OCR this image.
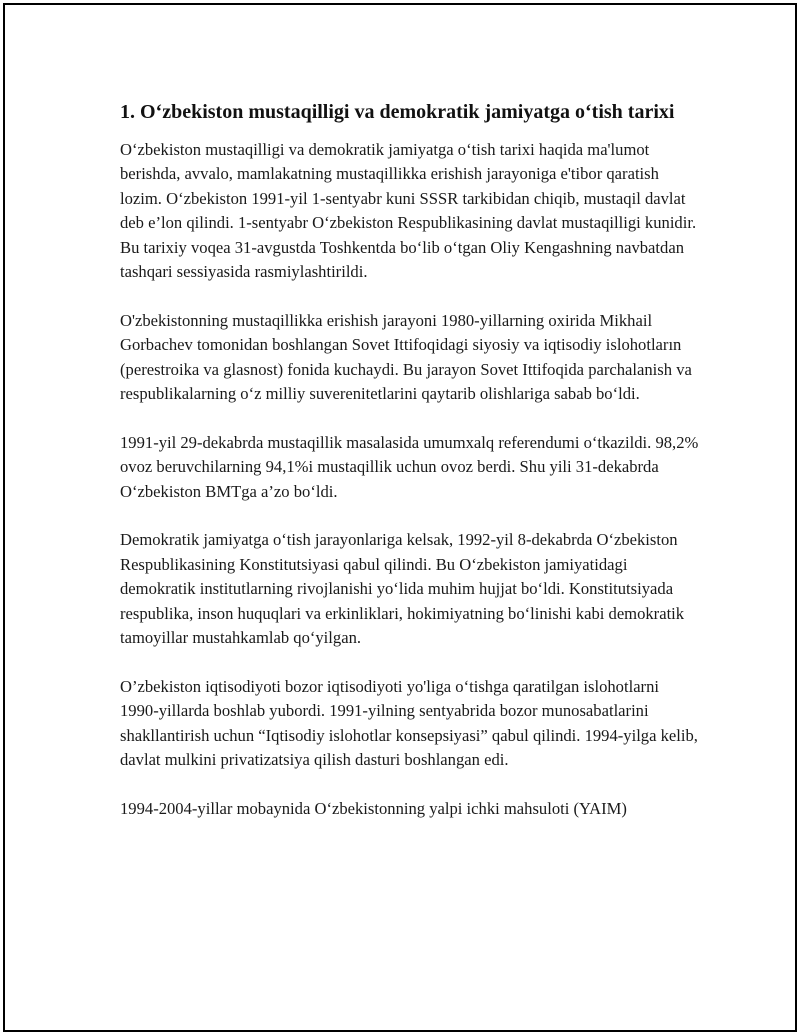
1. O‘zbekiston mustaqilligi va demokratik jamiyatga o‘tish tarixi

O‘zbekiston mustaqilligi va demokratik jamiyatga o‘tish tarixi haqida ma'lumot berishda, avvalo, mamlakatning mustaqillikka erishish jarayoniga e'tibor qaratish lozim. O‘zbekiston 1991-yil 1-sentyabr kuni SSSR tarkibidan chiqib, mustaqil davlat deb e’lon qilindi. 1-sentyabr O‘zbekiston Respublikasining davlat mustaqilligi kunidir. Bu tarixiy voqea 31-avgustda Toshkentda bo‘lib o‘tgan Oliy Kengashning navbatdan tashqari sessiyasida rasmiylashtirildi.

O'zbekistonning mustaqillikka erishish jarayoni 1980-yillarning oxirida Mikhail Gorbachev tomonidan boshlangan Sovet Ittifoqidagi siyosiy va iqtisodiy islohotların (perestroika va glasnost) fonida kuchaydi. Bu jarayon Sovet Ittifoqida parchalanish va respublikalarning o‘z milliy suverenitetlarini qaytarib olishlariga sabab bo‘ldi.

1991-yil 29-dekabrda mustaqillik masalasida umumxalq referendumi o‘tkazildi. 98,2% ovoz beruvchilarning 94,1%i mustaqillik uchun ovoz berdi. Shu yili 31-dekabrda O‘zbekiston BMTga a’zo bo‘ldi.

Demokratik jamiyatga o‘tish jarayonlariga kelsak, 1992-yil 8-dekabrda O‘zbekiston Respublikasining Konstitutsiyasi qabul qilindi. Bu O‘zbekiston jamiyatidagi demokratik institutlarning rivojlanishi yo‘lida muhim hujjat bo‘ldi. Konstitutsiyada respublika, inson huquqlari va erkinliklari, hokimiyatning bo‘linishi kabi demokratik tamoyillar mustahkamlab qo‘yilgan.

O’zbekiston iqtisodiyoti bozor iqtisodiyoti yo'liga o‘tishga qaratilgan islohotlarni 1990-yillarda boshlab yubordi. 1991-yilning sentyabrida bozor munosabatlarini shakllantirish uchun “Iqtisodiy islohotlar konsepsiyasi” qabul qilindi. 1994-yilga kelib, davlat mulkini privatizatsiya qilish dasturi boshlangan edi.

1994-2004-yillar mobaynida O‘zbekistonning yalpi ichki mahsuloti (YAIM)
